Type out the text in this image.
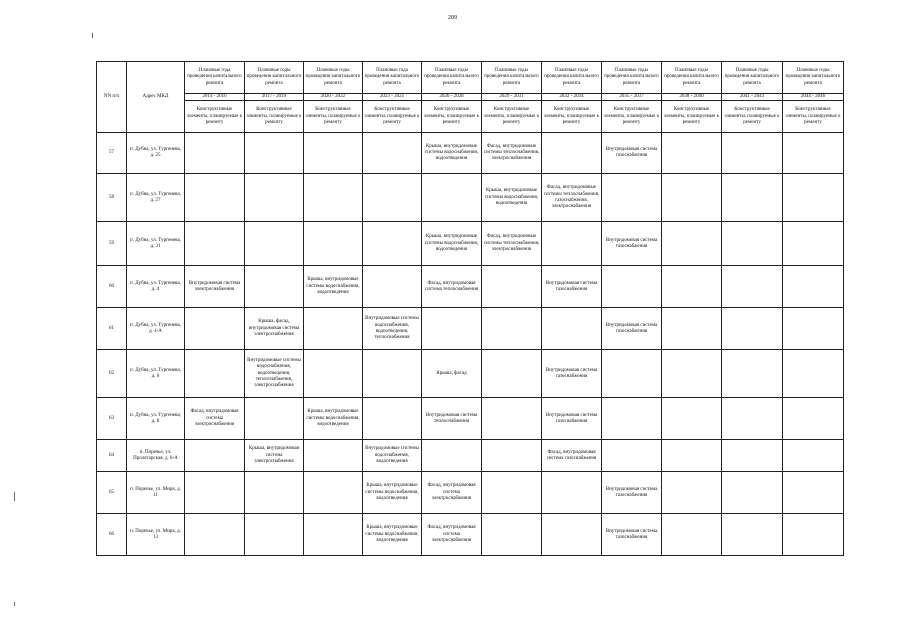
209
NN п/п	Адрес МКД	Плановые года проведения капитального ремонта	Плановые годы проведения капитального ремонта	Плановые годы проведения капитального ремонта	Плановые года проведения капитального ремонта	Плановые годы проведения капитального ремонта	Плановые годы проведения капитального ремонта	Плановые годы проведения капитального ремонта	Плановые годы проведения капитального ремонта	Плановые годы проведения капитального ремонта	Плановые годы проведения капитального ремонта	Плановые годы проведения капитального ремонта
		2014 - 2016	2017 - 2019	2020 - 2022	2023 - 2025	2026 - 2028	2029 - 2031	2032 - 2034	2035 - 2037	2038 - 2040	2041 - 2043	2044 - 2046
		Конструктивные элементы, планируемые к ремонту	Конструктивные элементы, планируемые к ремонту	Конструктивные элементы, планируемые к ремонту	Конструктивные элементы, планируемые к ремонту	Конструктивные элементы, планируемые к ремонту	Конструктивные элементы, планируемые к ремонту	Конструктивные элементы, планируемые к ремонту	Конструктивные элементы, планируемые к ремонту	Конструктивные элементы, планируемые к ремонту	Конструктивные элементы, планируемые к ремонту	Конструктивные элементы, планируемые к ремонту
57	п. Дубна, ул. Тургенева, д. 25					Крыша, внутридомовые системы водоснабжения, водоотведения	Фасад, внутридомовые системы теплоснабжения, электроснабжения		Внутридомовая система газоснабжения			
58	п. Дубна, ул. Тургенева, д. 27						Крыша, внутридомовые системы водоснабжения, водоотведения	Фасад, внутридомовые системы теплоснабжения, газоснабжения, электроснабжения				
59	п. Дубна, ул. Тургенева, д. 31					Крыша, внутридомовые системы водоснабжения, водоотведения	Фасад, внутридомовые системы теплоснабжения, электроснабжения		Внутридомовая система газоснабжения			
60	п. Дубна, ул. Тургенева, д. 4	Внутридомовая система электроснабжения		Крыша, внутридомовые системы водоснабжения, водоотведения		Фасад, внутридомовая система теплоснабжения		Внутридомовая система газоснабжения				
61	п. Дубна, ул. Тургенева, д. 4-А		Крыша, фасад, внутридомовая система электроснабжения		Внутридомовые системы водоснабжения, водоотведения, теплоснабжения				Внутридомовая система газоснабжения			
62	п. Дубна, ул. Тургенева, д. 6		Внутридомовые системы водоснабжения, водоотведения, теплоснабжения, электроснабжения			Крыша, фасад		Внутридомовая система газоснабжения				
63	п. Дубна, ул. Тургенева, д. 8	Фасад, внутридомовая система электроснабжения		Крыша, внутридомовые системы водоснабжения, водоотведения		Внутридомовая система теплоснабжения		Внутридомовая система газоснабжения				
64	п. Поречье, ул. Пролетарская, д. 8-А		Крыша, внутридомовая система электроснабжения		Внутридомовые системы водоснабжения, водоотведения			Фасад, внутридомовая система газоснабжения				
65	п. Поречье, ул. Мира, д. 11				Крыша, внутридомовые системы водоснабжения, водоотведения	Фасад, внутридомовая система электроснабжения			Внутридомовая система газоснабжения			
66	п. Поречье, ул. Мира, д. 13				Крыша, внутридомовые системы водоснабжения, водоотведения	Фасад, внутридомовая система электроснабжения			Внутридомовая система газоснабжения			
